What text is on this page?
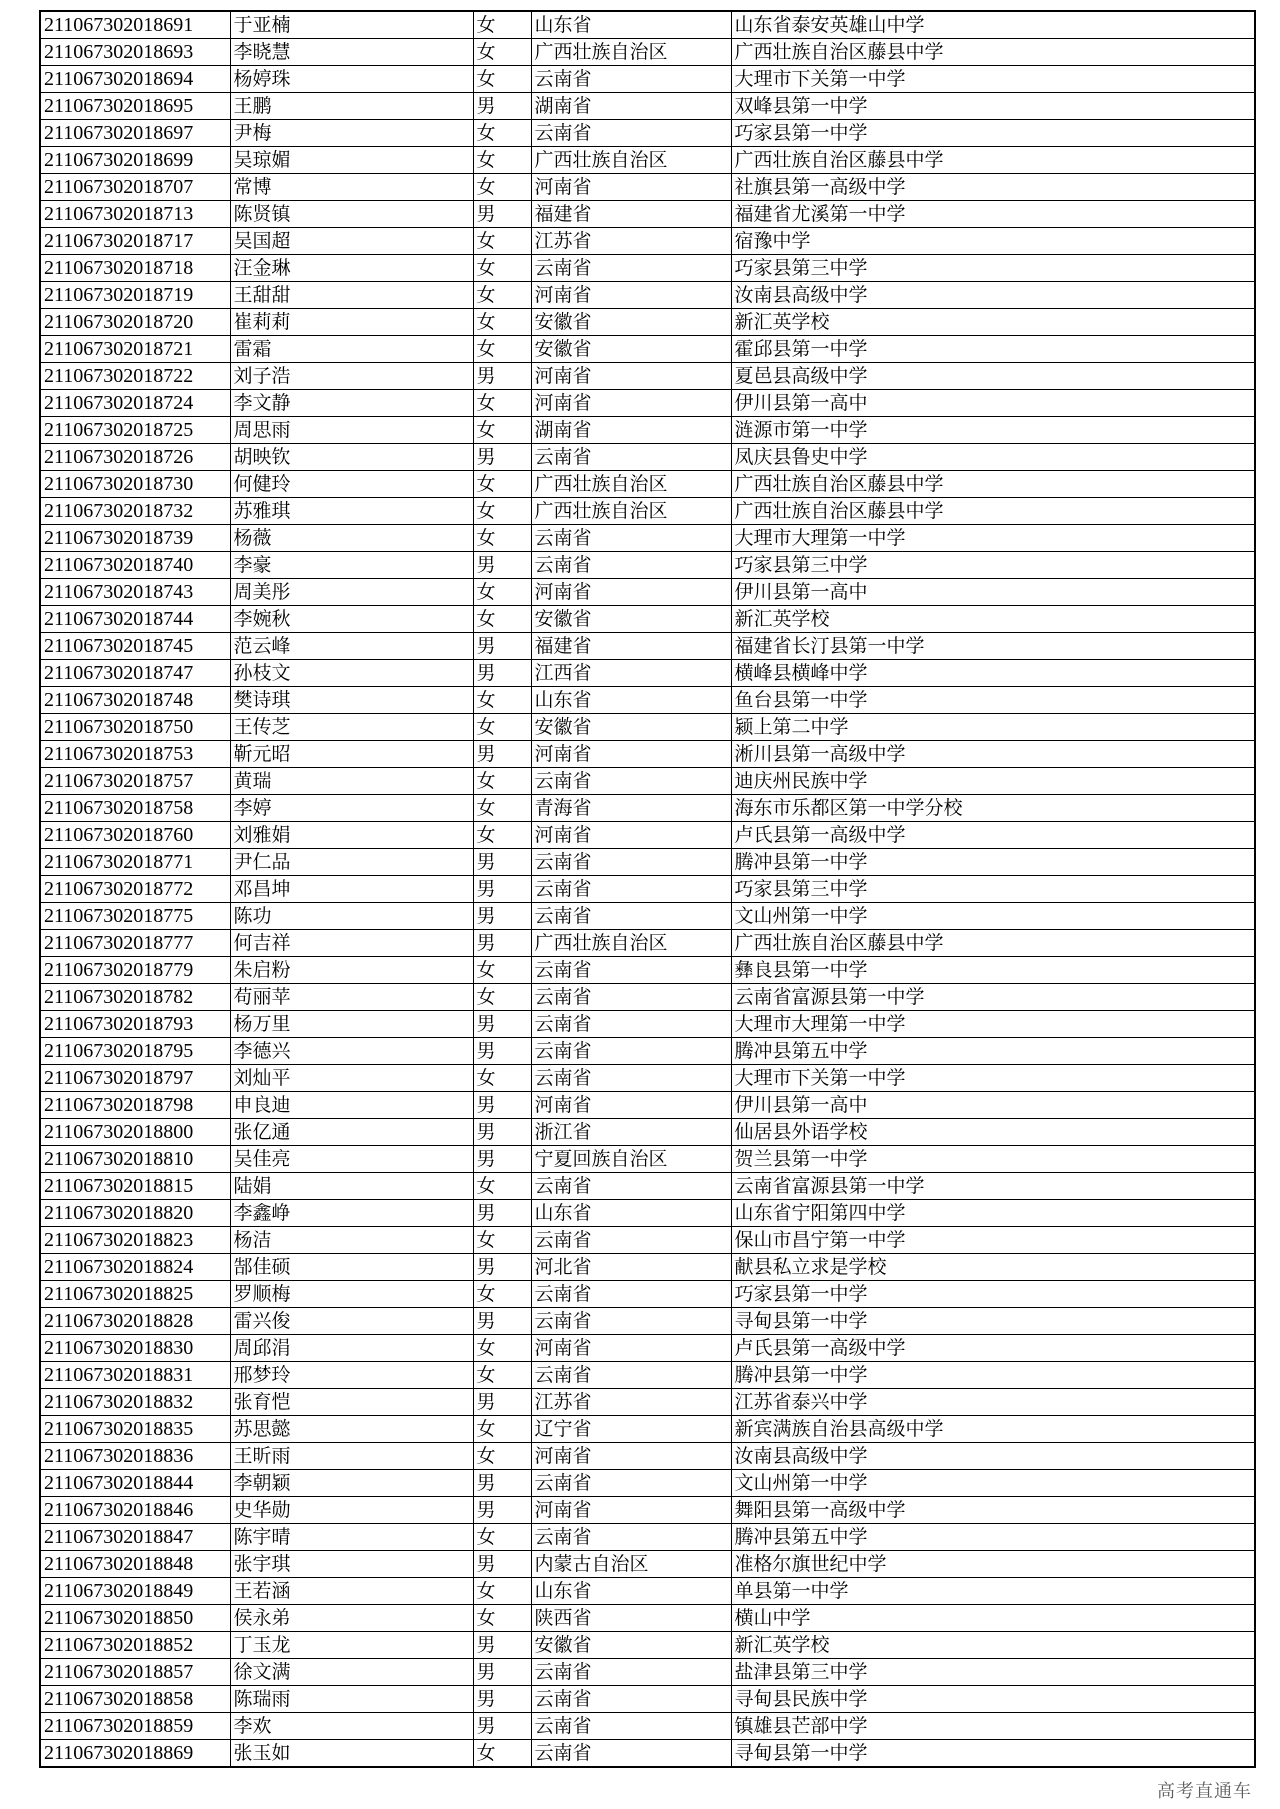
211067302018691	于亚楠	女	山东省	山东省泰安英雄山中学
211067302018693	李晓慧	女	广西壮族自治区	广西壮族自治区藤县中学
211067302018694	杨婷珠	女	云南省	大理市下关第一中学
211067302018695	王鹏	男	湖南省	双峰县第一中学
211067302018697	尹梅	女	云南省	巧家县第一中学
211067302018699	吴琼媚	女	广西壮族自治区	广西壮族自治区藤县中学
211067302018707	常博	女	河南省	社旗县第一高级中学
211067302018713	陈贤镇	男	福建省	福建省尤溪第一中学
211067302018717	吴国超	女	江苏省	宿豫中学
211067302018718	汪金琳	女	云南省	巧家县第三中学
211067302018719	王甜甜	女	河南省	汝南县高级中学
211067302018720	崔莉莉	女	安徽省	新汇英学校
211067302018721	雷霜	女	安徽省	霍邱县第一中学
211067302018722	刘子浩	男	河南省	夏邑县高级中学
211067302018724	李文静	女	河南省	伊川县第一高中
211067302018725	周思雨	女	湖南省	涟源市第一中学
211067302018726	胡映钦	男	云南省	凤庆县鲁史中学
211067302018730	何健玲	女	广西壮族自治区	广西壮族自治区藤县中学
211067302018732	苏雅琪	女	广西壮族自治区	广西壮族自治区藤县中学
211067302018739	杨薇	女	云南省	大理市大理第一中学
211067302018740	李豪	男	云南省	巧家县第三中学
211067302018743	周美彤	女	河南省	伊川县第一高中
211067302018744	李婉秋	女	安徽省	新汇英学校
211067302018745	范云峰	男	福建省	福建省长汀县第一中学
211067302018747	孙枝文	男	江西省	横峰县横峰中学
211067302018748	樊诗琪	女	山东省	鱼台县第一中学
211067302018750	王传芝	女	安徽省	颍上第二中学
211067302018753	靳元昭	男	河南省	淅川县第一高级中学
211067302018757	黄瑞	女	云南省	迪庆州民族中学
211067302018758	李婷	女	青海省	海东市乐都区第一中学分校
211067302018760	刘雅娟	女	河南省	卢氏县第一高级中学
211067302018771	尹仁品	男	云南省	腾冲县第一中学
211067302018772	邓昌坤	男	云南省	巧家县第三中学
211067302018775	陈功	男	云南省	文山州第一中学
211067302018777	何吉祥	男	广西壮族自治区	广西壮族自治区藤县中学
211067302018779	朱启粉	女	云南省	彝良县第一中学
211067302018782	苟丽苹	女	云南省	云南省富源县第一中学
211067302018793	杨万里	男	云南省	大理市大理第一中学
211067302018795	李德兴	男	云南省	腾冲县第五中学
211067302018797	刘灿平	女	云南省	大理市下关第一中学
211067302018798	申良迪	男	河南省	伊川县第一高中
211067302018800	张亿通	男	浙江省	仙居县外语学校
211067302018810	吴佳亮	男	宁夏回族自治区	贺兰县第一中学
211067302018815	陆娟	女	云南省	云南省富源县第一中学
211067302018820	李鑫峥	男	山东省	山东省宁阳第四中学
211067302018823	杨洁	女	云南省	保山市昌宁第一中学
211067302018824	郜佳硕	男	河北省	献县私立求是学校
211067302018825	罗顺梅	女	云南省	巧家县第一中学
211067302018828	雷兴俊	男	云南省	寻甸县第一中学
211067302018830	周邱涓	女	河南省	卢氏县第一高级中学
211067302018831	邢梦玲	女	云南省	腾冲县第一中学
211067302018832	张育恺	男	江苏省	江苏省泰兴中学
211067302018835	苏思懿	女	辽宁省	新宾满族自治县高级中学
211067302018836	王昕雨	女	河南省	汝南县高级中学
211067302018844	李朝颖	男	云南省	文山州第一中学
211067302018846	史华勋	男	河南省	舞阳县第一高级中学
211067302018847	陈宇晴	女	云南省	腾冲县第五中学
211067302018848	张宇琪	男	内蒙古自治区	准格尔旗世纪中学
211067302018849	王若涵	女	山东省	单县第一中学
211067302018850	侯永弟	女	陕西省	横山中学
211067302018852	丁玉龙	男	安徽省	新汇英学校
211067302018857	徐文满	男	云南省	盐津县第三中学
211067302018858	陈瑞雨	男	云南省	寻甸县民族中学
211067302018859	李欢	男	云南省	镇雄县芒部中学
211067302018869	张玉如	女	云南省	寻甸县第一中学
高考直通车
